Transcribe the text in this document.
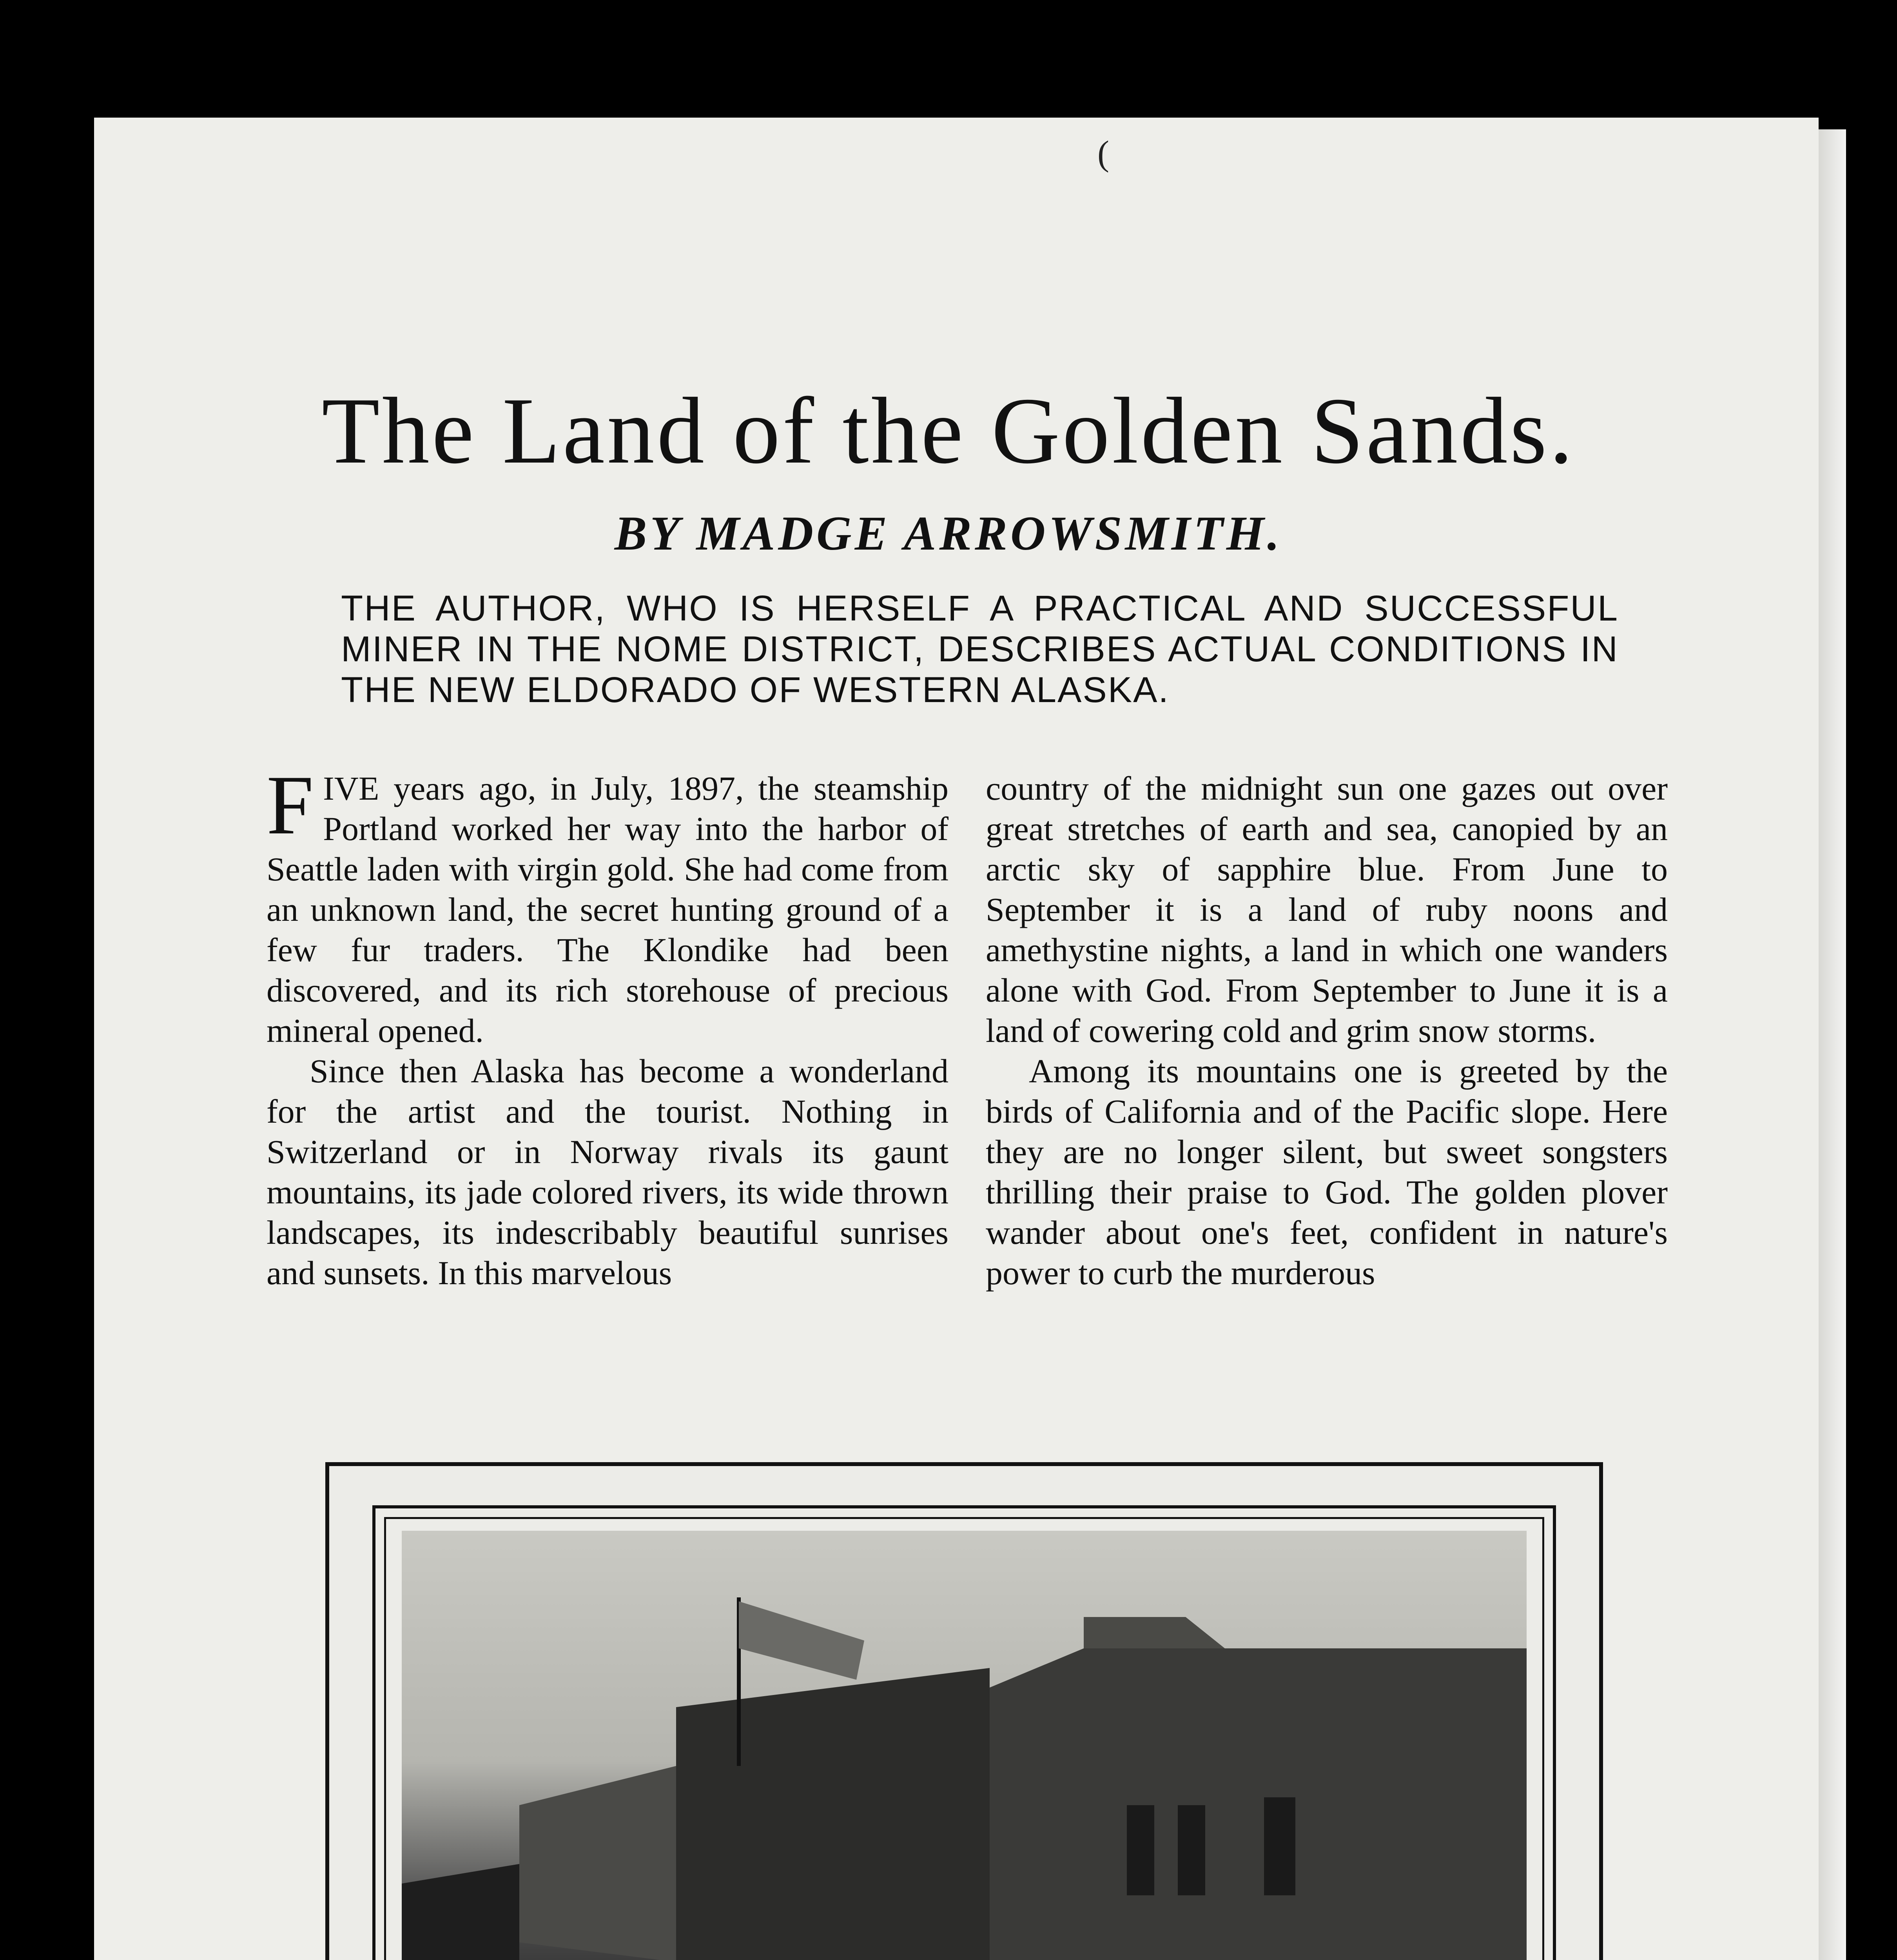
(
The Land of the Golden Sands.
BY MADGE ARROWSMITH.

THE AUTHOR, WHO IS HERSELF A PRACTICAL AND SUCCESSFUL MINER IN THE NOME DISTRICT, DESCRIBES ACTUAL CONDITIONS IN THE NEW ELDORADO OF WESTERN ALASKA.

FIVE years ago, in July, 1897, the steamship Portland worked her way into the harbor of Seattle laden with virgin gold. She had come from an unknown land, the secret hunting ground of a few fur traders. The Klondike had been discovered, and its rich storehouse of precious mineral opened.

Since then Alaska has become a wonderland for the artist and the tourist. Nothing in Switzerland or in Norway rivals its gaunt mountains, its jade colored rivers, its wide thrown landscapes, its indescribably beautiful sunrises and sunsets. In this marvelous

country of the midnight sun one gazes out over great stretches of earth and sea, canopied by an arctic sky of sapphire blue. From June to September it is a land of ruby noons and amethystine nights, a land in which one wanders alone with God. From September to June it is a land of cowering cold and grim snow storms.

Among its mountains one is greeted by the birds of California and of the Pacific slope. Here they are no longer silent, but sweet songsters thrilling their praise to God. The golden plover wander about one's feet, confident in nature's power to curb the murderous
